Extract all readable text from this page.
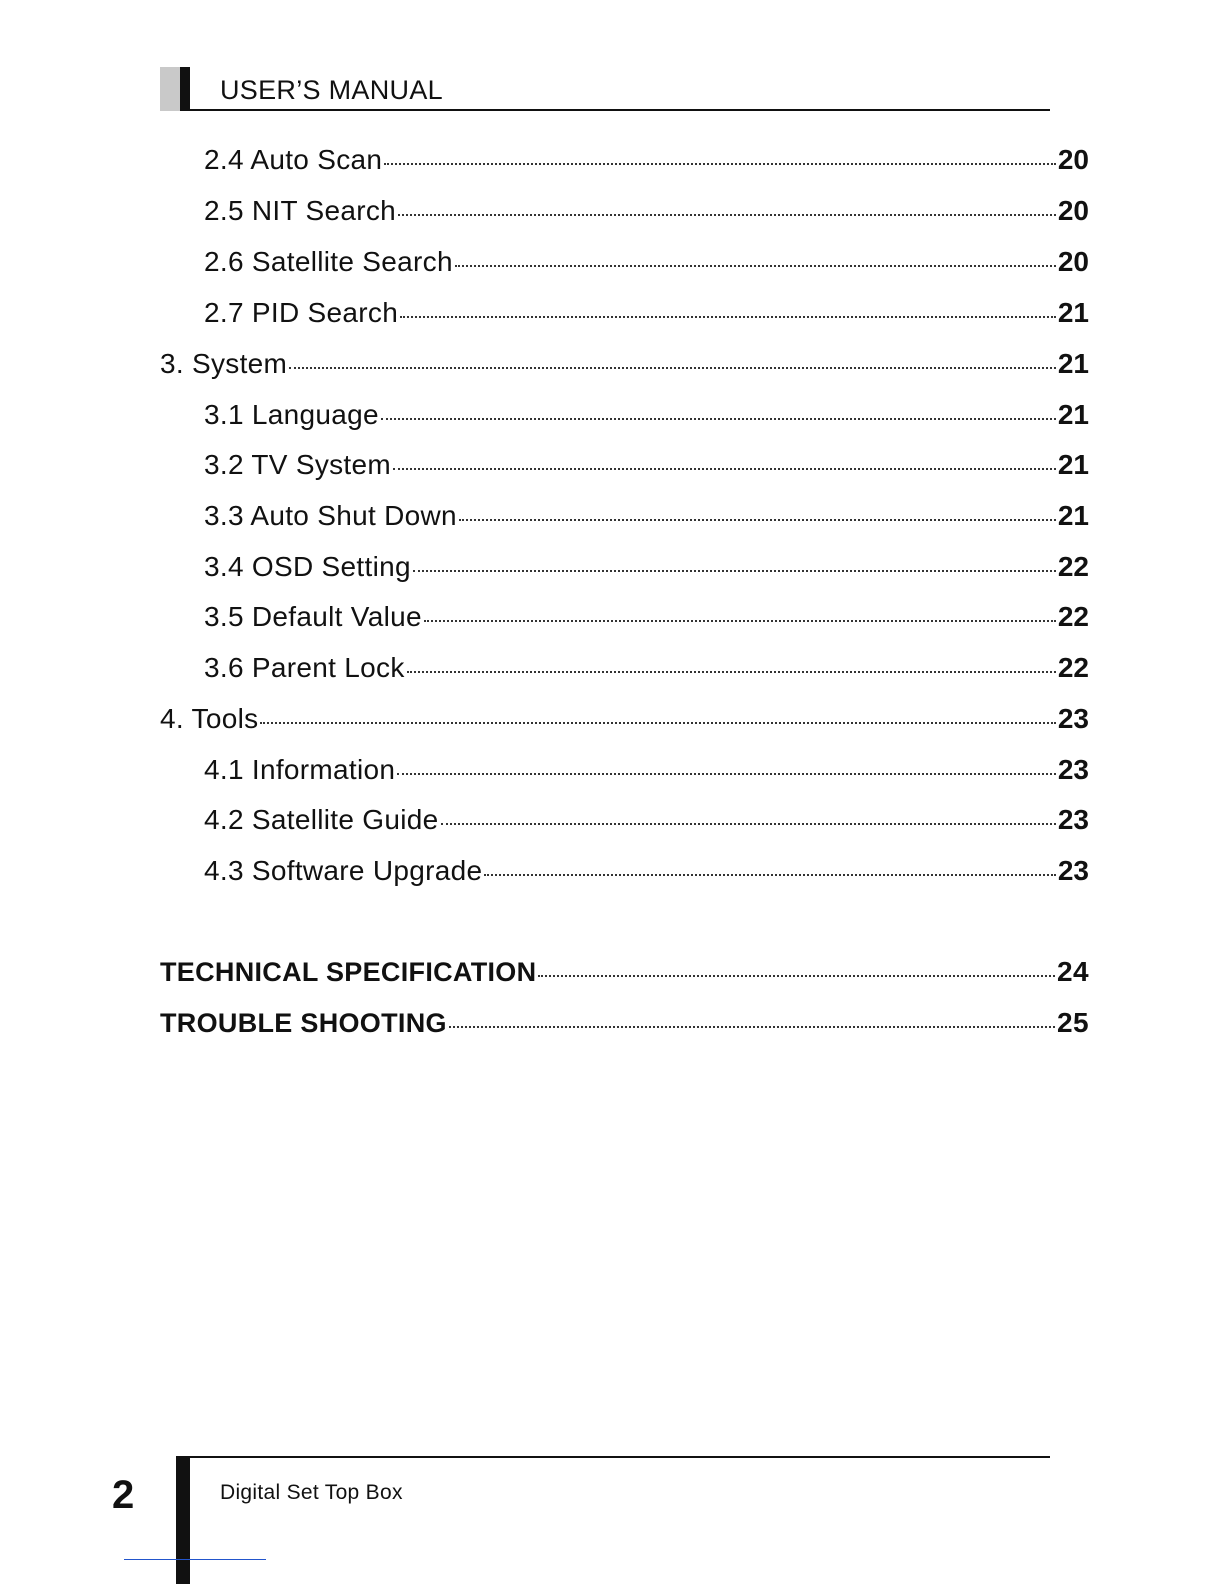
USER’S MANUAL
2.4 Auto Scan	20
2.5 NIT Search	20
2.6 Satellite Search	20
2.7 PID Search	21
3. System	21
3.1 Language	21
3.2 TV System	21
3.3 Auto Shut Down	21
3.4 OSD Setting	22
3.5 Default Value	22
3.6 Parent Lock	22
4. Tools	23
4.1 Information	23
4.2 Satellite Guide	23
4.3 Software Upgrade	23
TECHNICAL SPECIFICATION	24
TROUBLE SHOOTING	25
2	Digital Set Top Box
